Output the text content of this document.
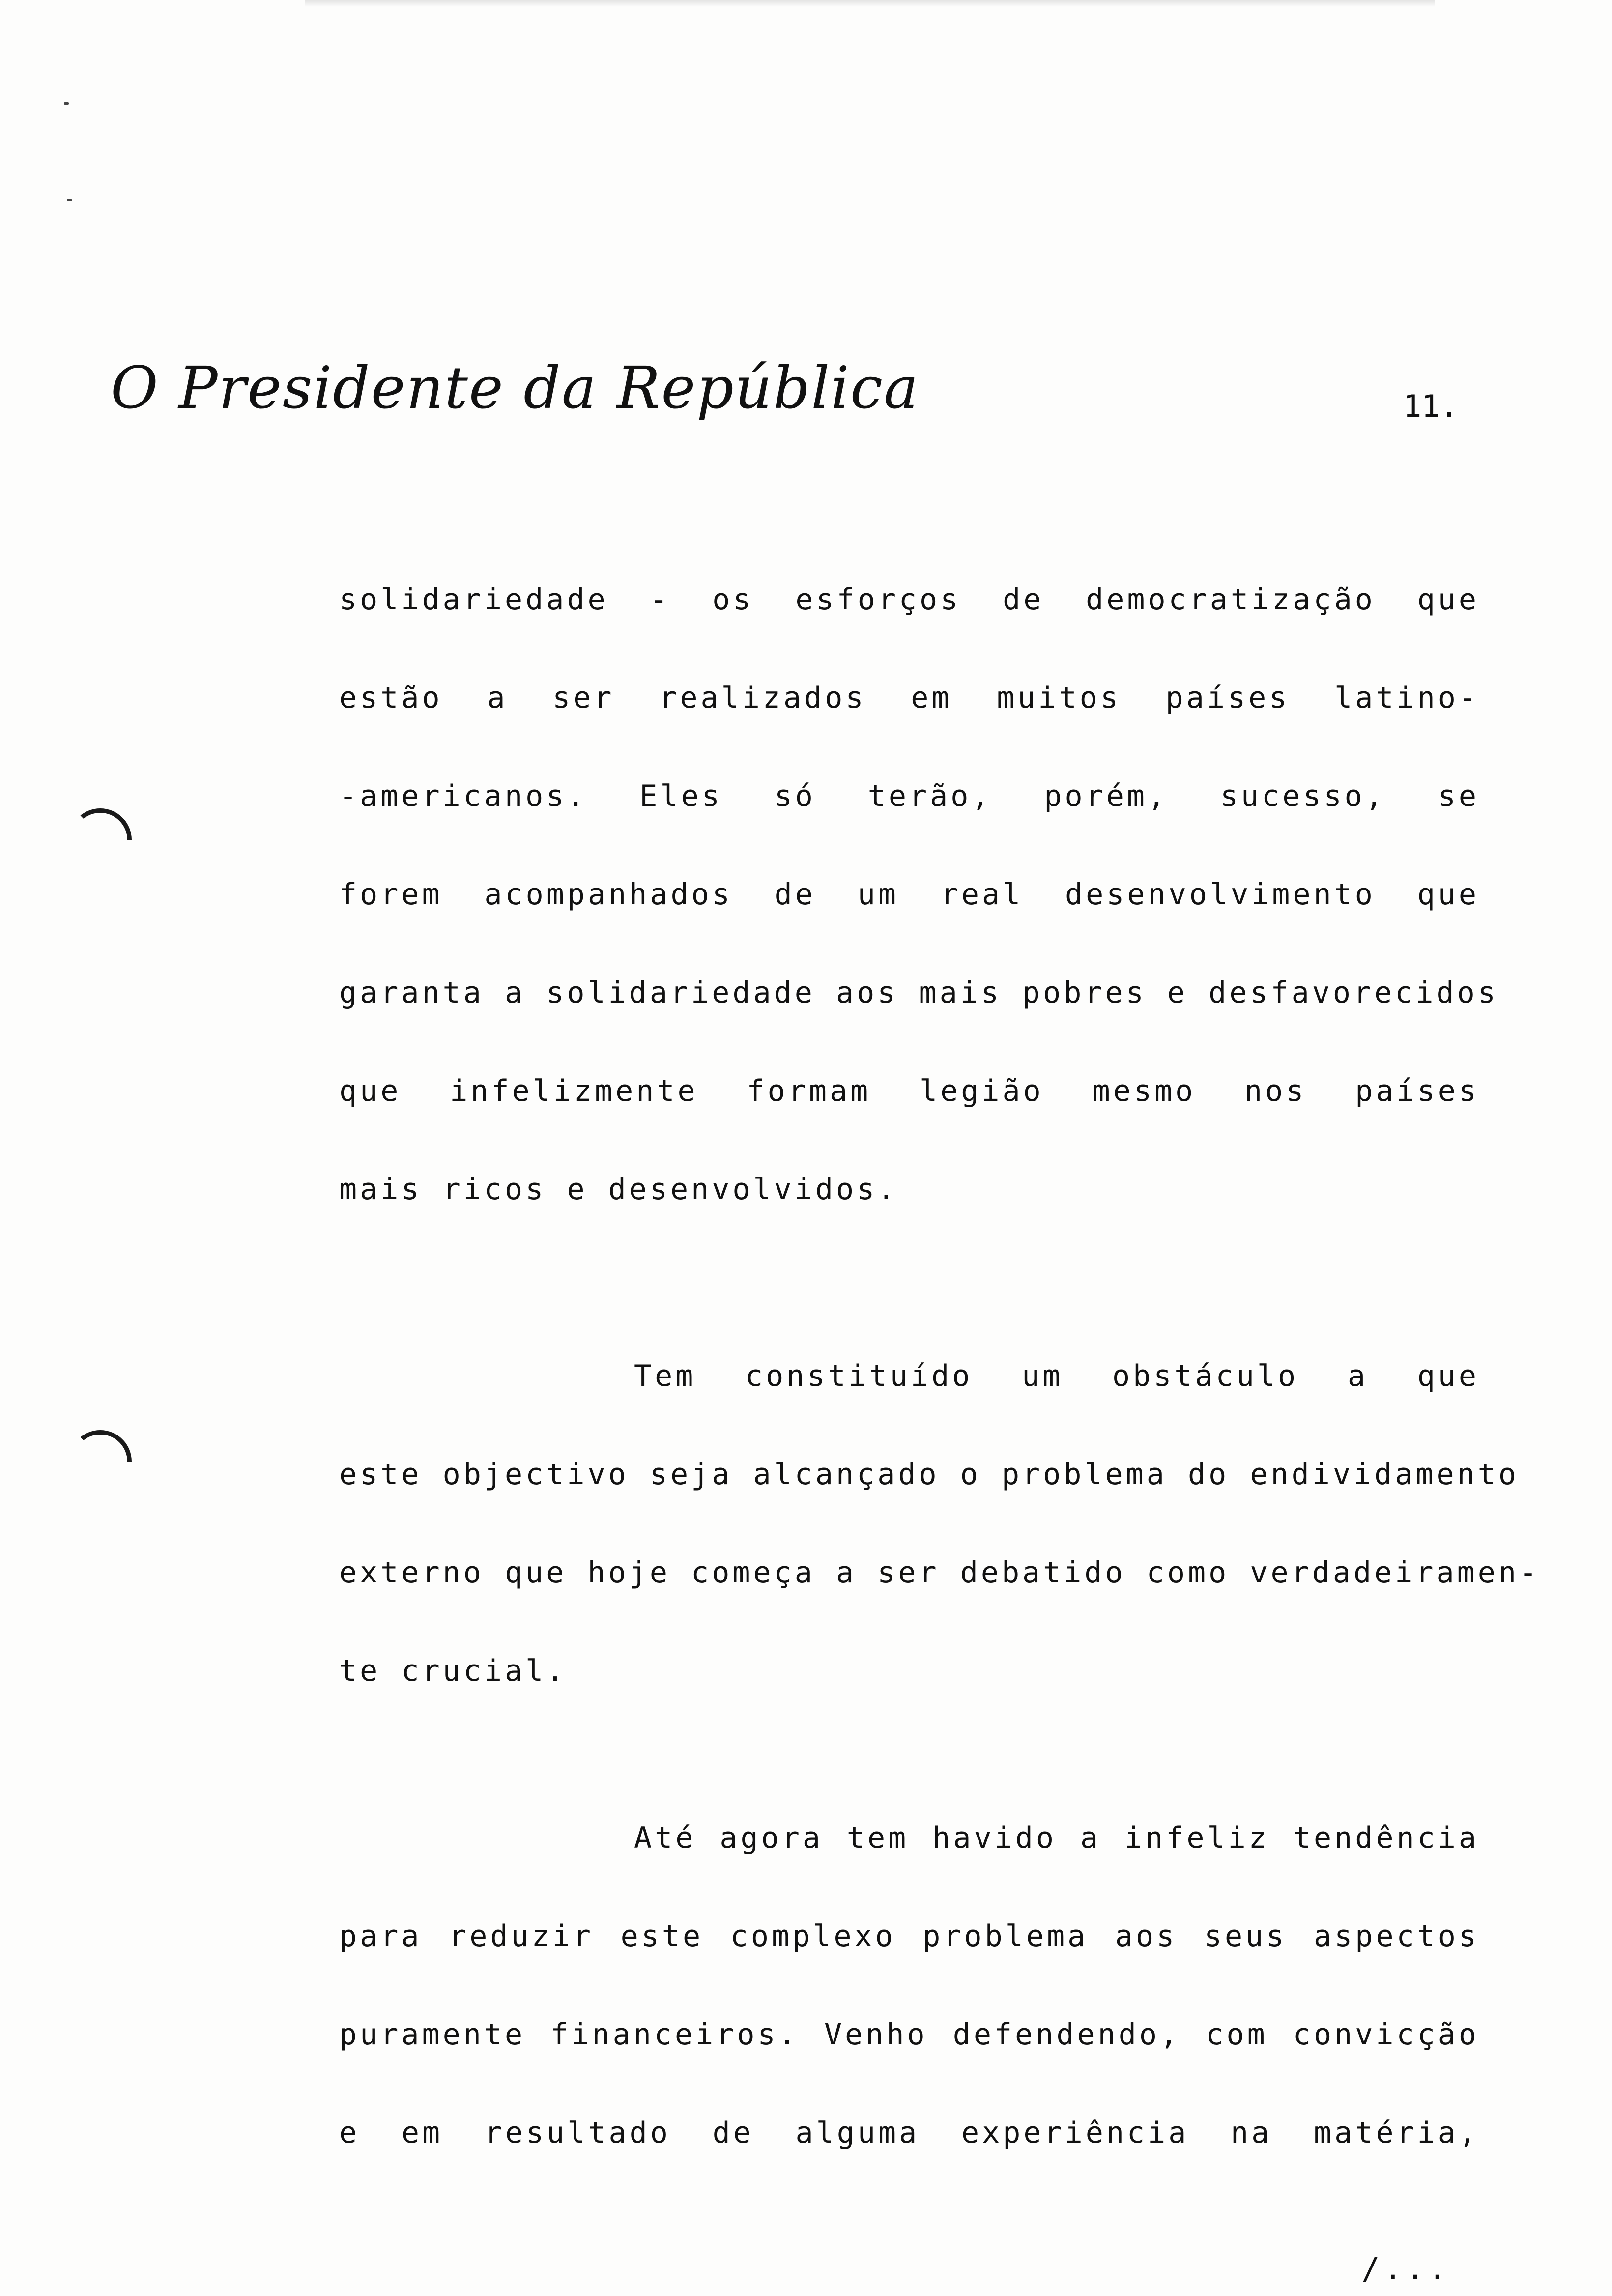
O Presidente da República	11.
solidariedade - os esforços de democratização que
estão a ser realizados em muitos países latino-
-americanos. Eles só terão, porém, sucesso, se
forem acompanhados de um real desenvolvimento que
garanta a solidariedade aos mais pobres e desfavorecidos
que infelizmente formam legião mesmo nos países
mais ricos e desenvolvidos.
Tem constituído um obstáculo a que
este objectivo seja alcançado o problema do endividamento
externo que hoje começa a ser debatido como verdadeiramen-
te crucial.
Até agora tem havido a infeliz tendência
para reduzir este complexo problema aos seus aspectos
puramente financeiros. Venho defendendo, com convicção
e em resultado de alguma experiência na matéria,
/...
